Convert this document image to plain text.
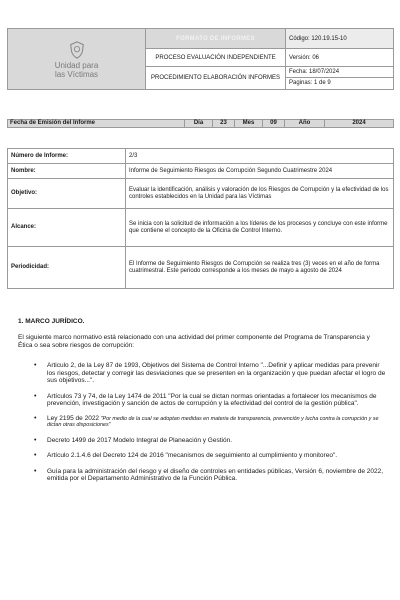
Unidad para
las Víctimas	FORMATO DE INFORMES	Código: 120.19.15-10
	PROCESO EVALUACIÓN INDEPENDIENTE	Versión: 06
	PROCEDIMIENTO ELABORACIÓN INFORMES	Fecha: 18/07/2024
Paginas: 1 de 9
Fecha de Emisión del Informe	Día	23	Mes	09	Año	2024
Número de Informe:	2/3
Nombre:	Informe de Seguimiento Riesgos de Corrupción Segundo Cuatrimestre 2024
Objetivo:	Evaluar la identificación, análisis y valoración de los Riesgos de Corrupción y la efectividad de los controles establecidos en la Unidad para las Víctimas
Alcance:	Se inicia con la solicitud de información a los líderes de los procesos y concluye con este informe que contiene el concepto de la Oficina de Control Interno.
Periodicidad:	El Informe de Seguimiento Riesgos de Corrupción se realiza tres (3) veces en el año de forma cuatrimestral. Este periodo corresponde a los meses de mayo a agosto de 2024
1. MARCO JURÍDICO.
El siguiente marco normativo está relacionado con una actividad del primer componente del Programa de Transparencia y Ética o sea sobre riesgos de corrupción:
• Articulo 2, de la Ley 87 de 1993, Objetivos del Sistema de Control Interno "...Definir y aplicar medidas para prevenir los riesgos, detectar y corregir las desviaciones que se presenten en la organización y que puedan afectar el logro de sus objetivos...".
• Artículos 73 y 74, de la Ley 1474 de 2011 "Por la cual se dictan normas orientadas a fortalecer los mecanismos de prevención, investigación y sanción de actos de corrupción y la efectividad del control de la gestión pública".
• Ley 2195 de 2022 "Por medio de la cual se adoptan medidas en materia de transparencia, prevención y lucha contra la corrupción y se dictan otras disposiciones"
• Decreto 1499 de 2017 Modelo Integral de Planeación y Gestión.
• Artículo 2.1.4.6 del Decreto 124 de 2016 "mecanismos de seguimiento al cumplimiento y monitoreo".
• Guía para la administración del riesgo y el diseño de controles en entidades públicas, Versión 6, noviembre de 2022, emitida por el Departamento Administrativo de la Función Pública.
